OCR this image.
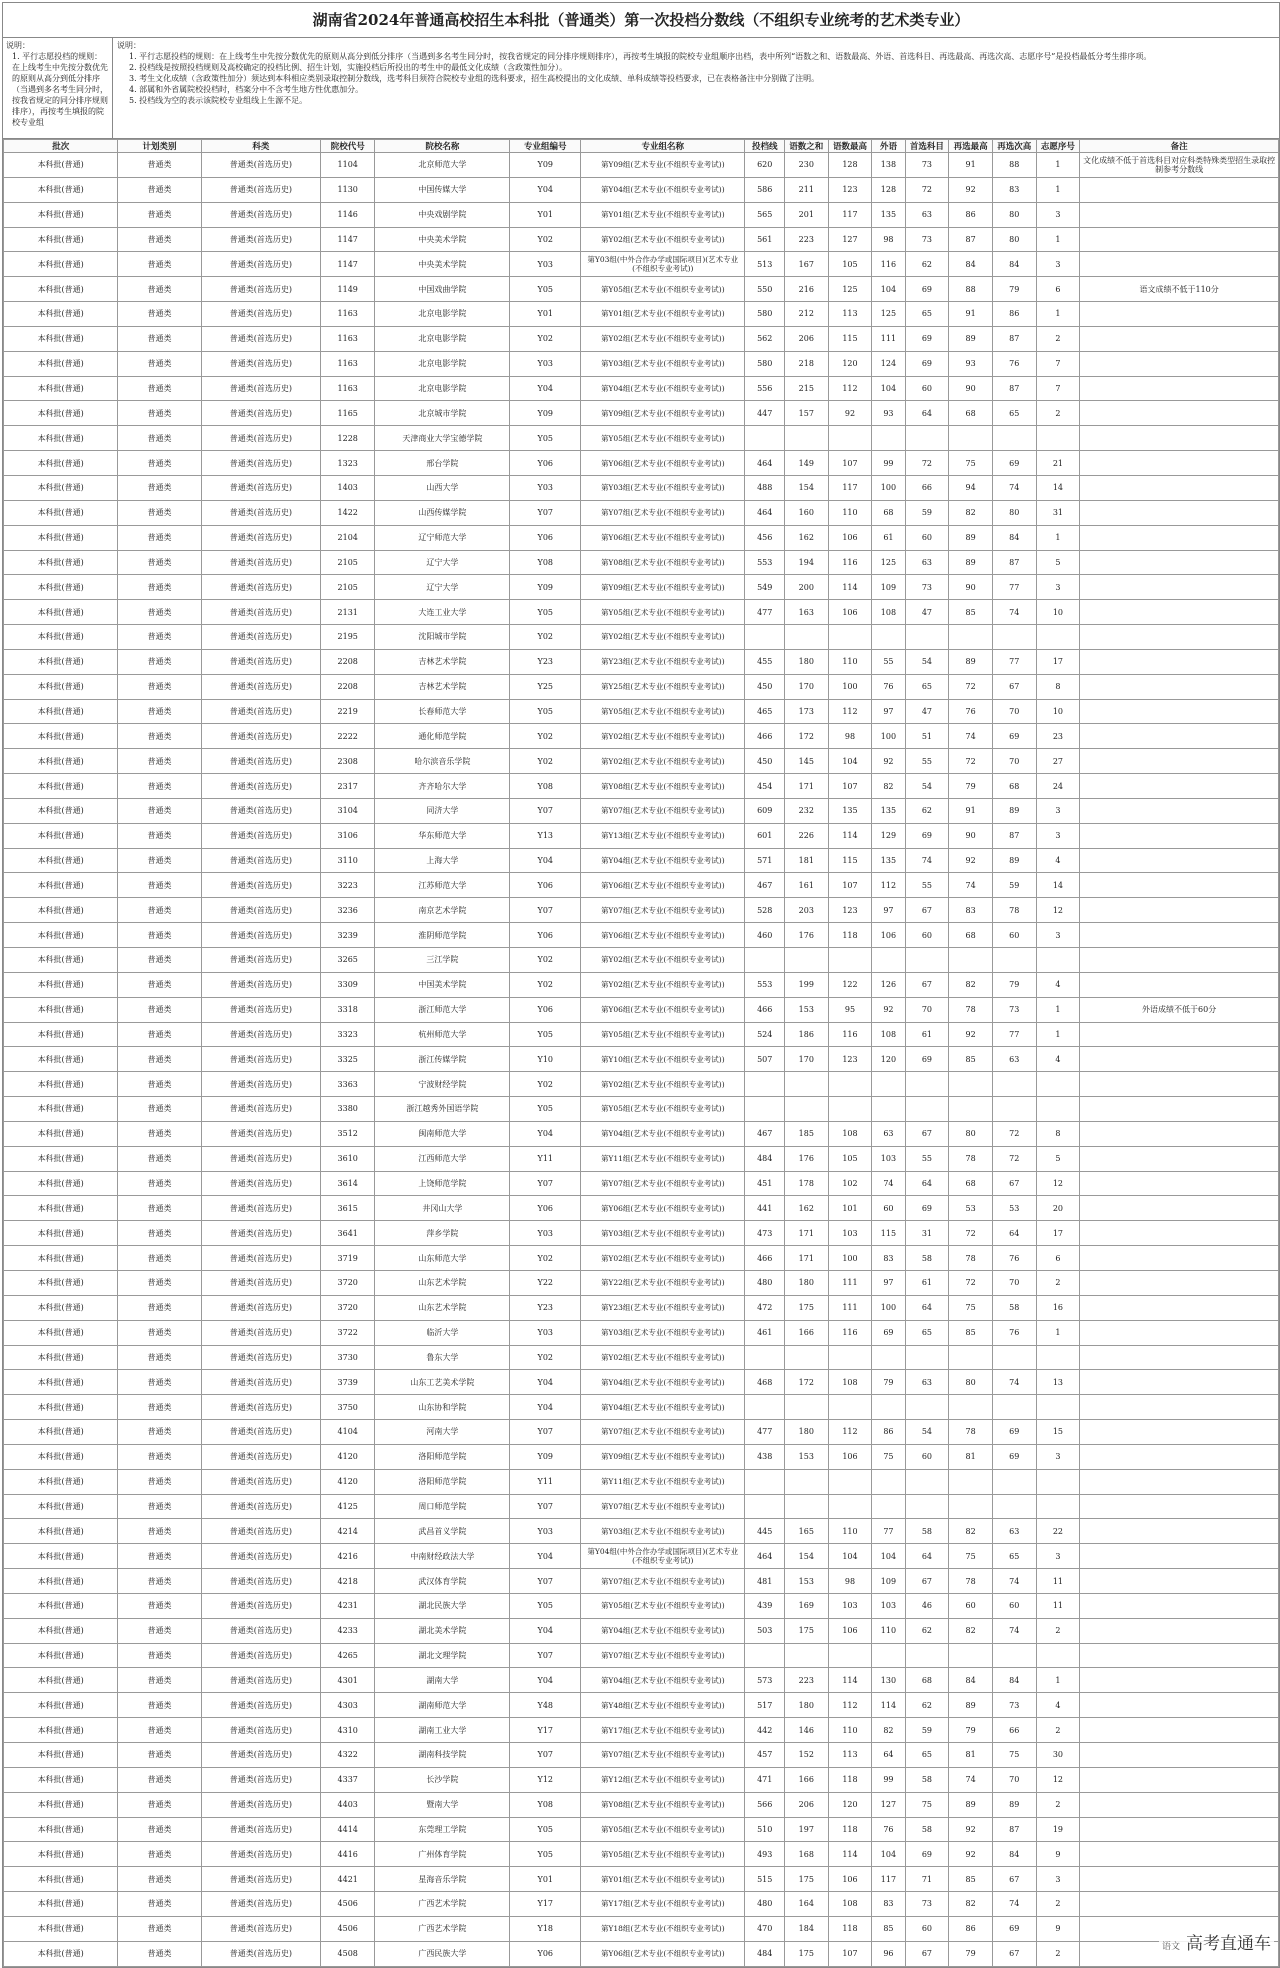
湖南省2024年普通高校招生本科批（普通类）第一次投档分数线（不组织专业统考的艺术类专业）
说明：
1. 平行志愿投档的规则：在上线考生中先按分数优先的原则从高分到低分排序（当遇到多名考生同分时，按我省规定的同分排序规则排序），再按考生填报的院校专业组
说明：
1. 平行志愿投档的规则：在上线考生中先按分数优先的原则从高分到低分排序（当遇到多名考生同分时，按我省规定的同分排序规则排序），再按考生填报的院校专业组顺序出档，表中所列“语数之和、语数最高、外语、首选科目、再选最高、再选次高、志愿序号”是投档最低分考生排序项。
2. 投档线是按照投档规则及高校确定的投档比例、招生计划，实施投档后所投出的考生中的最低文化成绩（含政策性加分）。
3. 考生文化成绩（含政策性加分）须达到本科相应类别录取控制分数线，选考科目须符合院校专业组的选科要求，招生高校提出的文化成绩、单科成绩等投档要求，已在表格备注中分别做了注明。
4. 部属和外省属院校投档时，档案分中不含考生地方性优惠加分。
5. 投档线为空的表示该院校专业组线上生源不足。
批次	计划类别	科类	院校代号	院校名称	专业组编号	专业组名称	投档线	语数之和	语数最高	外语	首选科目	再选最高	再选次高	志愿序号	备注
本科批(普通)	普通类	普通类(首选历史)	1104	北京师范大学	Y09	第Y09组(艺术专业(不组织专业考试))	620	230	128	138	73	91	88	1	文化成绩不低于首选科目对应科类特殊类型招生录取控制参考分数线
本科批(普通)	普通类	普通类(首选历史)	1130	中国传媒大学	Y04	第Y04组(艺术专业(不组织专业考试))	586	211	123	128	72	92	83	1	
本科批(普通)	普通类	普通类(首选历史)	1146	中央戏剧学院	Y01	第Y01组(艺术专业(不组织专业考试))	565	201	117	135	63	86	80	3	
本科批(普通)	普通类	普通类(首选历史)	1147	中央美术学院	Y02	第Y02组(艺术专业(不组织专业考试))	561	223	127	98	73	87	80	1	
本科批(普通)	普通类	普通类(首选历史)	1147	中央美术学院	Y03	第Y03组(中外合作办学或国际项目)(艺术专业(不组织专业考试))	513	167	105	116	62	84	84	3	
本科批(普通)	普通类	普通类(首选历史)	1149	中国戏曲学院	Y05	第Y05组(艺术专业(不组织专业考试))	550	216	125	104	69	88	79	6	语文成绩不低于110分
本科批(普通)	普通类	普通类(首选历史)	1163	北京电影学院	Y01	第Y01组(艺术专业(不组织专业考试))	580	212	113	125	65	91	86	1	
本科批(普通)	普通类	普通类(首选历史)	1163	北京电影学院	Y02	第Y02组(艺术专业(不组织专业考试))	562	206	115	111	69	89	87	2	
本科批(普通)	普通类	普通类(首选历史)	1163	北京电影学院	Y03	第Y03组(艺术专业(不组织专业考试))	580	218	120	124	69	93	76	7	
本科批(普通)	普通类	普通类(首选历史)	1163	北京电影学院	Y04	第Y04组(艺术专业(不组织专业考试))	556	215	112	104	60	90	87	7	
本科批(普通)	普通类	普通类(首选历史)	1165	北京城市学院	Y09	第Y09组(艺术专业(不组织专业考试))	447	157	92	93	64	68	65	2	
本科批(普通)	普通类	普通类(首选历史)	1228	天津商业大学宝德学院	Y05	第Y05组(艺术专业(不组织专业考试))									
本科批(普通)	普通类	普通类(首选历史)	1323	邢台学院	Y06	第Y06组(艺术专业(不组织专业考试))	464	149	107	99	72	75	69	21	
本科批(普通)	普通类	普通类(首选历史)	1403	山西大学	Y03	第Y03组(艺术专业(不组织专业考试))	488	154	117	100	66	94	74	14	
本科批(普通)	普通类	普通类(首选历史)	1422	山西传媒学院	Y07	第Y07组(艺术专业(不组织专业考试))	464	160	110	68	59	82	80	31	
本科批(普通)	普通类	普通类(首选历史)	2104	辽宁师范大学	Y06	第Y06组(艺术专业(不组织专业考试))	456	162	106	61	60	89	84	1	
本科批(普通)	普通类	普通类(首选历史)	2105	辽宁大学	Y08	第Y08组(艺术专业(不组织专业考试))	553	194	116	125	63	89	87	5	
本科批(普通)	普通类	普通类(首选历史)	2105	辽宁大学	Y09	第Y09组(艺术专业(不组织专业考试))	549	200	114	109	73	90	77	3	
本科批(普通)	普通类	普通类(首选历史)	2131	大连工业大学	Y05	第Y05组(艺术专业(不组织专业考试))	477	163	106	108	47	85	74	10	
本科批(普通)	普通类	普通类(首选历史)	2195	沈阳城市学院	Y02	第Y02组(艺术专业(不组织专业考试))									
本科批(普通)	普通类	普通类(首选历史)	2208	吉林艺术学院	Y23	第Y23组(艺术专业(不组织专业考试))	455	180	110	55	54	89	77	17	
本科批(普通)	普通类	普通类(首选历史)	2208	吉林艺术学院	Y25	第Y25组(艺术专业(不组织专业考试))	450	170	100	76	65	72	67	8	
本科批(普通)	普通类	普通类(首选历史)	2219	长春师范大学	Y05	第Y05组(艺术专业(不组织专业考试))	465	173	112	97	47	76	70	10	
本科批(普通)	普通类	普通类(首选历史)	2222	通化师范学院	Y02	第Y02组(艺术专业(不组织专业考试))	466	172	98	100	51	74	69	23	
本科批(普通)	普通类	普通类(首选历史)	2308	哈尔滨音乐学院	Y02	第Y02组(艺术专业(不组织专业考试))	450	145	104	92	55	72	70	27	
本科批(普通)	普通类	普通类(首选历史)	2317	齐齐哈尔大学	Y08	第Y08组(艺术专业(不组织专业考试))	454	171	107	82	54	79	68	24	
本科批(普通)	普通类	普通类(首选历史)	3104	同济大学	Y07	第Y07组(艺术专业(不组织专业考试))	609	232	135	135	62	91	89	3	
本科批(普通)	普通类	普通类(首选历史)	3106	华东师范大学	Y13	第Y13组(艺术专业(不组织专业考试))	601	226	114	129	69	90	87	3	
本科批(普通)	普通类	普通类(首选历史)	3110	上海大学	Y04	第Y04组(艺术专业(不组织专业考试))	571	181	115	135	74	92	89	4	
本科批(普通)	普通类	普通类(首选历史)	3223	江苏师范大学	Y06	第Y06组(艺术专业(不组织专业考试))	467	161	107	112	55	74	59	14	
本科批(普通)	普通类	普通类(首选历史)	3236	南京艺术学院	Y07	第Y07组(艺术专业(不组织专业考试))	528	203	123	97	67	83	78	12	
本科批(普通)	普通类	普通类(首选历史)	3239	淮阴师范学院	Y06	第Y06组(艺术专业(不组织专业考试))	460	176	118	106	60	68	60	3	
本科批(普通)	普通类	普通类(首选历史)	3265	三江学院	Y02	第Y02组(艺术专业(不组织专业考试))									
本科批(普通)	普通类	普通类(首选历史)	3309	中国美术学院	Y02	第Y02组(艺术专业(不组织专业考试))	553	199	122	126	67	82	79	4	
本科批(普通)	普通类	普通类(首选历史)	3318	浙江师范大学	Y06	第Y06组(艺术专业(不组织专业考试))	466	153	95	92	70	78	73	1	外语成绩不低于60分
本科批(普通)	普通类	普通类(首选历史)	3323	杭州师范大学	Y05	第Y05组(艺术专业(不组织专业考试))	524	186	116	108	61	92	77	1	
本科批(普通)	普通类	普通类(首选历史)	3325	浙江传媒学院	Y10	第Y10组(艺术专业(不组织专业考试))	507	170	123	120	69	85	63	4	
本科批(普通)	普通类	普通类(首选历史)	3363	宁波财经学院	Y02	第Y02组(艺术专业(不组织专业考试))									
本科批(普通)	普通类	普通类(首选历史)	3380	浙江越秀外国语学院	Y05	第Y05组(艺术专业(不组织专业考试))									
本科批(普通)	普通类	普通类(首选历史)	3512	闽南师范大学	Y04	第Y04组(艺术专业(不组织专业考试))	467	185	108	63	67	80	72	8	
本科批(普通)	普通类	普通类(首选历史)	3610	江西师范大学	Y11	第Y11组(艺术专业(不组织专业考试))	484	176	105	103	55	78	72	5	
本科批(普通)	普通类	普通类(首选历史)	3614	上饶师范学院	Y07	第Y07组(艺术专业(不组织专业考试))	451	178	102	74	64	68	67	12	
本科批(普通)	普通类	普通类(首选历史)	3615	井冈山大学	Y06	第Y06组(艺术专业(不组织专业考试))	441	162	101	60	69	53	53	20	
本科批(普通)	普通类	普通类(首选历史)	3641	萍乡学院	Y03	第Y03组(艺术专业(不组织专业考试))	473	171	103	115	31	72	64	17	
本科批(普通)	普通类	普通类(首选历史)	3719	山东师范大学	Y02	第Y02组(艺术专业(不组织专业考试))	466	171	100	83	58	78	76	6	
本科批(普通)	普通类	普通类(首选历史)	3720	山东艺术学院	Y22	第Y22组(艺术专业(不组织专业考试))	480	180	111	97	61	72	70	2	
本科批(普通)	普通类	普通类(首选历史)	3720	山东艺术学院	Y23	第Y23组(艺术专业(不组织专业考试))	472	175	111	100	64	75	58	16	
本科批(普通)	普通类	普通类(首选历史)	3722	临沂大学	Y03	第Y03组(艺术专业(不组织专业考试))	461	166	116	69	65	85	76	1	
本科批(普通)	普通类	普通类(首选历史)	3730	鲁东大学	Y02	第Y02组(艺术专业(不组织专业考试))									
本科批(普通)	普通类	普通类(首选历史)	3739	山东工艺美术学院	Y04	第Y04组(艺术专业(不组织专业考试))	468	172	108	79	63	80	74	13	
本科批(普通)	普通类	普通类(首选历史)	3750	山东协和学院	Y04	第Y04组(艺术专业(不组织专业考试))									
本科批(普通)	普通类	普通类(首选历史)	4104	河南大学	Y07	第Y07组(艺术专业(不组织专业考试))	477	180	112	86	54	78	69	15	
本科批(普通)	普通类	普通类(首选历史)	4120	洛阳师范学院	Y09	第Y09组(艺术专业(不组织专业考试))	438	153	106	75	60	81	69	3	
本科批(普通)	普通类	普通类(首选历史)	4120	洛阳师范学院	Y11	第Y11组(艺术专业(不组织专业考试))									
本科批(普通)	普通类	普通类(首选历史)	4125	周口师范学院	Y07	第Y07组(艺术专业(不组织专业考试))									
本科批(普通)	普通类	普通类(首选历史)	4214	武昌首义学院	Y03	第Y03组(艺术专业(不组织专业考试))	445	165	110	77	58	82	63	22	
本科批(普通)	普通类	普通类(首选历史)	4216	中南财经政法大学	Y04	第Y04组(中外合作办学或国际项目)(艺术专业(不组织专业考试))	464	154	104	104	64	75	65	3	
本科批(普通)	普通类	普通类(首选历史)	4218	武汉体育学院	Y07	第Y07组(艺术专业(不组织专业考试))	481	153	98	109	67	78	74	11	
本科批(普通)	普通类	普通类(首选历史)	4231	湖北民族大学	Y05	第Y05组(艺术专业(不组织专业考试))	439	169	103	103	46	60	60	11	
本科批(普通)	普通类	普通类(首选历史)	4233	湖北美术学院	Y04	第Y04组(艺术专业(不组织专业考试))	503	175	106	110	62	82	74	2	
本科批(普通)	普通类	普通类(首选历史)	4265	湖北文理学院	Y07	第Y07组(艺术专业(不组织专业考试))									
本科批(普通)	普通类	普通类(首选历史)	4301	湖南大学	Y04	第Y04组(艺术专业(不组织专业考试))	573	223	114	130	68	84	84	1	
本科批(普通)	普通类	普通类(首选历史)	4303	湖南师范大学	Y48	第Y48组(艺术专业(不组织专业考试))	517	180	112	114	62	89	73	4	
本科批(普通)	普通类	普通类(首选历史)	4310	湖南工业大学	Y17	第Y17组(艺术专业(不组织专业考试))	442	146	110	82	59	79	66	2	
本科批(普通)	普通类	普通类(首选历史)	4322	湖南科技学院	Y07	第Y07组(艺术专业(不组织专业考试))	457	152	113	64	65	81	75	30	
本科批(普通)	普通类	普通类(首选历史)	4337	长沙学院	Y12	第Y12组(艺术专业(不组织专业考试))	471	166	118	99	58	74	70	12	
本科批(普通)	普通类	普通类(首选历史)	4403	暨南大学	Y08	第Y08组(艺术专业(不组织专业考试))	566	206	120	127	75	89	89	2	
本科批(普通)	普通类	普通类(首选历史)	4414	东莞理工学院	Y05	第Y05组(艺术专业(不组织专业考试))	510	197	118	76	58	92	87	19	
本科批(普通)	普通类	普通类(首选历史)	4416	广州体育学院	Y05	第Y05组(艺术专业(不组织专业考试))	493	168	114	104	69	92	84	9	
本科批(普通)	普通类	普通类(首选历史)	4421	星海音乐学院	Y01	第Y01组(艺术专业(不组织专业考试))	515	175	106	117	71	85	67	3	
本科批(普通)	普通类	普通类(首选历史)	4506	广西艺术学院	Y17	第Y17组(艺术专业(不组织专业考试))	480	164	108	83	73	82	74	2	
本科批(普通)	普通类	普通类(首选历史)	4506	广西艺术学院	Y18	第Y18组(艺术专业(不组织专业考试))	470	184	118	85	60	86	69	9	
本科批(普通)	普通类	普通类(首选历史)	4508	广西民族大学	Y06	第Y06组(艺术专业(不组织专业考试))	484	175	107	96	67	79	67	2	
语文 高考直通车
